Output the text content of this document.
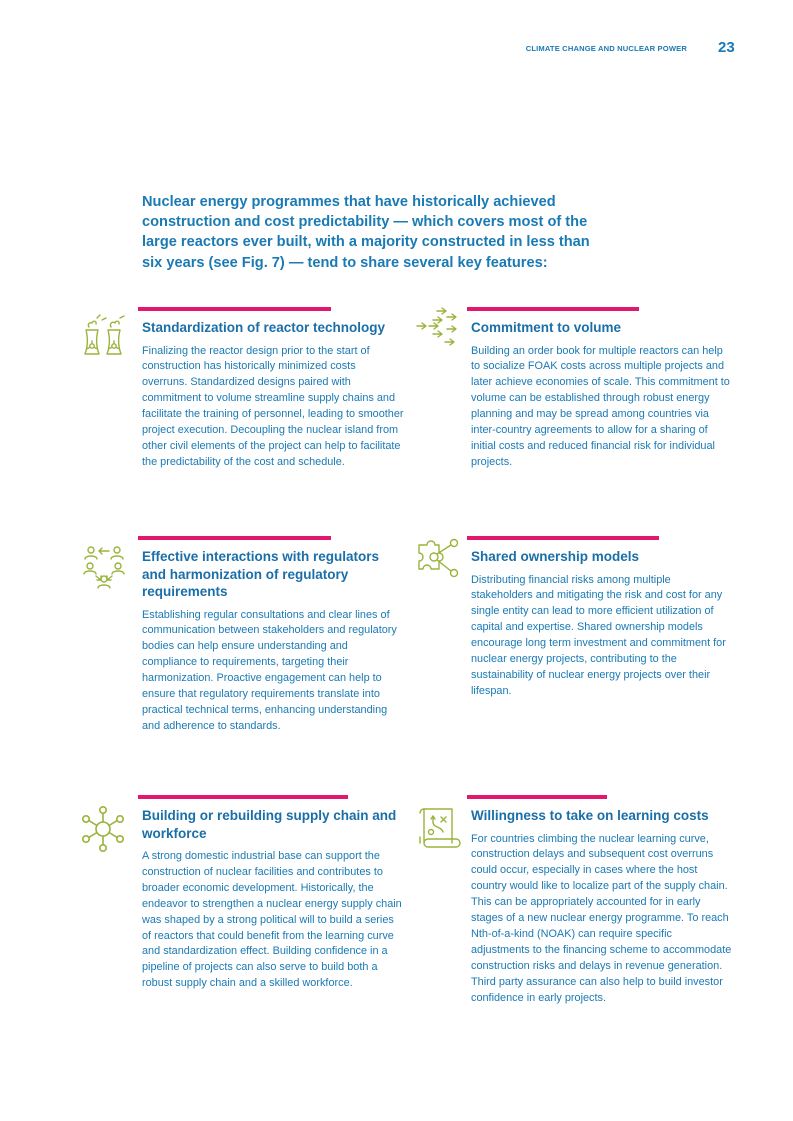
CLIMATE CHANGE AND NUCLEAR POWER 23
Nuclear energy programmes that have historically achieved construction and cost predictability — which covers most of the large reactors ever built, with a majority constructed in less than six years (see Fig. 7) — tend to share several key features:
Standardization of reactor technology

Finalizing the reactor design prior to the start of construction has historically minimized costs overruns. Standardized designs paired with commitment to volume streamline supply chains and facilitate the training of personnel, leading to smoother project execution. Decoupling the nuclear island from other civil elements of the project can help to facilitate the predictability of the cost and schedule.

Commitment to volume

Building an order book for multiple reactors can help to socialize FOAK costs across multiple projects and later achieve economies of scale. This commitment to volume can be established through robust energy planning and may be spread among countries via inter-country agreements to allow for a sharing of initial costs and reduced financial risk for individual projects.

Effective interactions with regulators and harmonization of regulatory requirements

Establishing regular consultations and clear lines of communication between stakeholders and regulatory bodies can help ensure understanding and compliance to requirements, targeting their harmonization. Proactive engagement can help to ensure that regulatory requirements translate into practical technical terms, enhancing understanding and adherence to standards.

Shared ownership models

Distributing financial risks among multiple stakeholders and mitigating the risk and cost for any single entity can lead to more efficient utilization of capital and expertise. Shared ownership models encourage long term investment and commitment for nuclear energy projects, contributing to the sustainability of nuclear energy projects over their lifespan.

Building or rebuilding supply chain and workforce

A strong domestic industrial base can support the construction of nuclear facilities and contributes to broader economic development. Historically, the endeavor to strengthen a nuclear energy supply chain was shaped by a strong political will to build a series of reactors that could benefit from the learning curve and standardization effect. Building confidence in a pipeline of projects can also serve to build both a robust supply chain and a skilled workforce.

Willingness to take on learning costs

For countries climbing the nuclear learning curve, construction delays and subsequent cost overruns could occur, especially in cases where the host country would like to localize part of the supply chain. This can be appropriately accounted for in early stages of a new nuclear energy programme. To reach Nth-of-a-kind (NOAK) can require specific adjustments to the financing scheme to accommodate construction risks and delays in revenue generation. Third party assurance can also help to build investor confidence in early projects.
